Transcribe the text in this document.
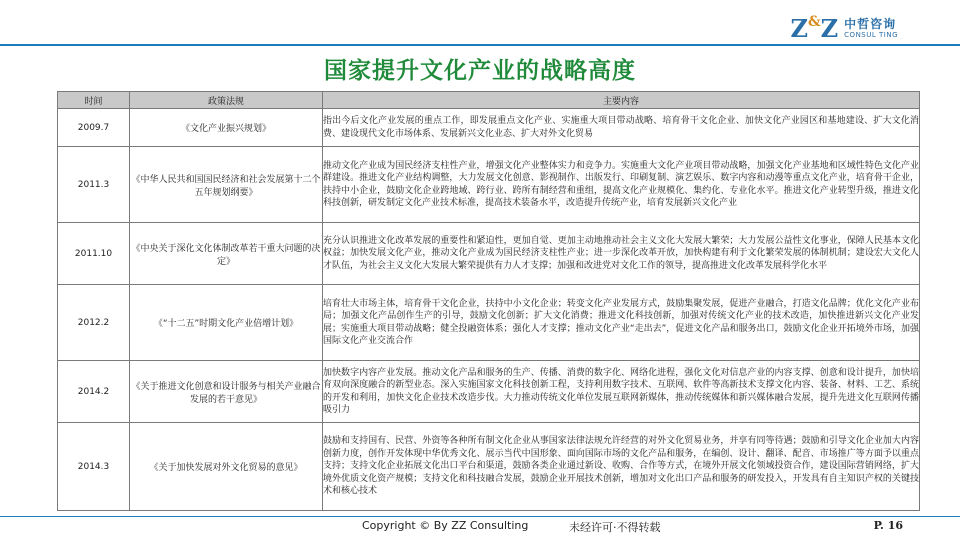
Z&Z 中哲咨询
CONSUL TING
国家提升文化产业的战略高度
时间	政策法规	主要内容
2009.7	《文化产业振兴规划》	指出今后文化产业发展的重点工作，即发展重点文化产业、实施重大项目带动战略、培育骨干文化企业、加快文化产业园区和基地建设、扩大文化消费、建设现代文化市场体系、发展新兴文化业态、扩大对外文化贸易
2011.3	《中华人民共和国国民经济和社会发展第十二个五年规划纲要》	推动文化产业成为国民经济支柱性产业，增强文化产业整体实力和竞争力。实施重大文化产业项目带动战略，加强文化产业基地和区域性特色文化产业群建设。推进文化产业结构调整，大力发展文化创意、影视制作、出版发行、印刷复制、演艺娱乐、数字内容和动漫等重点文化产业，培育骨干企业，扶持中小企业，鼓励文化企业跨地域、跨行业、跨所有制经营和重组，提高文化产业规模化、集约化、专业化水平。推进文化产业转型升级，推进文化科技创新，研发制定文化产业技术标准，提高技术装备水平，改造提升传统产业，培育发展新兴文化产业
2011.10	《中央关于深化文化体制改革若干重大问题的决定》	充分认识推进文化改革发展的重要性和紧迫性，更加自觉、更加主动地推动社会主义文化大发展大繁荣；大力发展公益性文化事业，保障人民基本文化权益；加快发展文化产业，推动文化产业成为国民经济支柱性产业；进一步深化改革开放，加快构建有利于文化繁荣发展的体制机制；建设宏大文化人才队伍，为社会主义文化大发展大繁荣提供有力人才支撑；加强和改进党对文化工作的领导，提高推进文化改革发展科学化水平
2012.2	《“十二五”时期文化产业倍增计划》	培育壮大市场主体，培育骨干文化企业，扶持中小文化企业；转变文化产业发展方式，鼓励集聚发展，促进产业融合，打造文化品牌；优化文化产业布局；加强文化产品创作生产的引导，鼓励文化创新；扩大文化消费；推进文化科技创新，加强对传统文化产业的技术改造，加快推进新兴文化产业发展；实施重大项目带动战略；健全投融资体系；强化人才支撑；推动文化产业“走出去”，促进文化产品和服务出口，鼓励文化企业开拓境外市场，加强国际文化产业交流合作
2014.2	《关于推进文化创意和设计服务与相关产业融合发展的若干意见》	加快数字内容产业发展。推动文化产品和服务的生产、传播、消费的数字化、网络化进程，强化文化对信息产业的内容支撑、创意和设计提升，加快培育双向深度融合的新型业态。深入实施国家文化科技创新工程，支持利用数字技术、互联网、软件等高新技术支撑文化内容、装备、材料、工艺、系统的开发和利用，加快文化企业技术改造步伐。大力推动传统文化单位发展互联网新媒体，推动传统媒体和新兴媒体融合发展，提升先进文化互联网传播吸引力
2014.3	《关于加快发展对外文化贸易的意见》	鼓励和支持国有、民营、外资等各种所有制文化企业从事国家法律法规允许经营的对外文化贸易业务，并享有同等待遇；鼓励和引导文化企业加大内容创新力度，创作开发体现中华优秀文化、展示当代中国形象、面向国际市场的文化产品和服务，在编创、设计、翻译、配音、市场推广等方面予以重点支持；支持文化企业拓展文化出口平台和渠道，鼓励各类企业通过新设、收购、合作等方式，在境外开展文化领域投资合作，建设国际营销网络，扩大境外优质文化资产规模；支持文化和科技融合发展，鼓励企业开展技术创新，增加对文化出口产品和服务的研发投入，开发具有自主知识产权的关键技术和核心技术
Copyright © By ZZ Consulting	未经许可·不得转载	P. 16
